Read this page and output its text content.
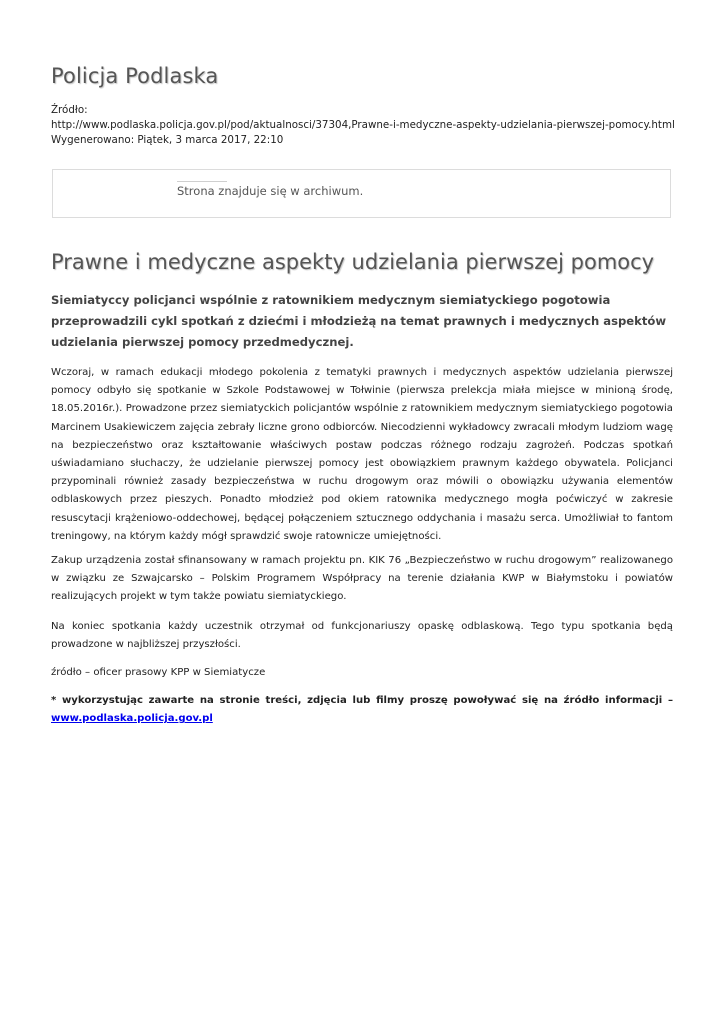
Policja Podlaska
Źródło:
http://www.podlaska.policja.gov.pl/pod/aktualnosci/37304,Prawne-i-medyczne-aspekty-udzielania-pierwszej-pomocy.html
Wygenerowano: Piątek, 3 marca 2017, 22:10
Strona znajduje się w archiwum.
Prawne i medyczne aspekty udzielania pierwszej pomocy

Siemiatyccy policjanci wspólnie z ratownikiem medycznym siemiatyckiego pogotowia przeprowadzili cykl spotkań z dziećmi i młodzieżą na temat prawnych i medycznych aspektów udzielania pierwszej pomocy przedmedycznej.

Wczoraj, w ramach edukacji młodego pokolenia z tematyki prawnych i medycznych aspektów udzielania pierwszej pomocy odbyło się spotkanie w Szkole Podstawowej w Tołwinie (pierwsza prelekcja miała miejsce w minioną środę, 18.05.2016r.). Prowadzone przez siemiatyckich policjantów wspólnie z ratownikiem medycznym siemiatyckiego pogotowia Marcinem Usakiewiczem zajęcia zebrały liczne grono odbiorców. Niecodzienni wykładowcy zwracali młodym ludziom wagę na bezpieczeństwo oraz kształtowanie właściwych postaw podczas różnego rodzaju zagrożeń. Podczas spotkań uświadamiano słuchaczy, że udzielanie pierwszej pomocy jest obowiązkiem prawnym każdego obywatela. Policjanci przypominali również zasady bezpieczeństwa w ruchu drogowym oraz mówili o obowiązku używania elementów odblaskowych przez pieszych. Ponadto młodzież pod okiem ratownika medycznego mogła poćwiczyć w zakresie resuscytacji krążeniowo-oddechowej, będącej połączeniem sztucznego oddychania i masażu serca. Umożliwiał to fantom treningowy, na którym każdy mógł sprawdzić swoje ratownicze umiejętności.

Zakup urządzenia został sfinansowany w ramach projektu pn. KIK 76 „Bezpieczeństwo w ruchu drogowym” realizowanego w związku ze Szwajcarsko – Polskim Programem Współpracy na terenie działania KWP w Białymstoku i powiatów realizujących projekt w tym także powiatu siemiatyckiego.

Na koniec spotkania każdy uczestnik otrzymał od funkcjonariuszy opaskę odblaskową. Tego typu spotkania będą prowadzone w najbliższej przyszłości.

źródło – oficer prasowy KPP w Siemiatycze

* wykorzystując zawarte na stronie treści, zdjęcia lub filmy proszę powoływać się na źródło informacji – www.podlaska.policja.gov.pl
